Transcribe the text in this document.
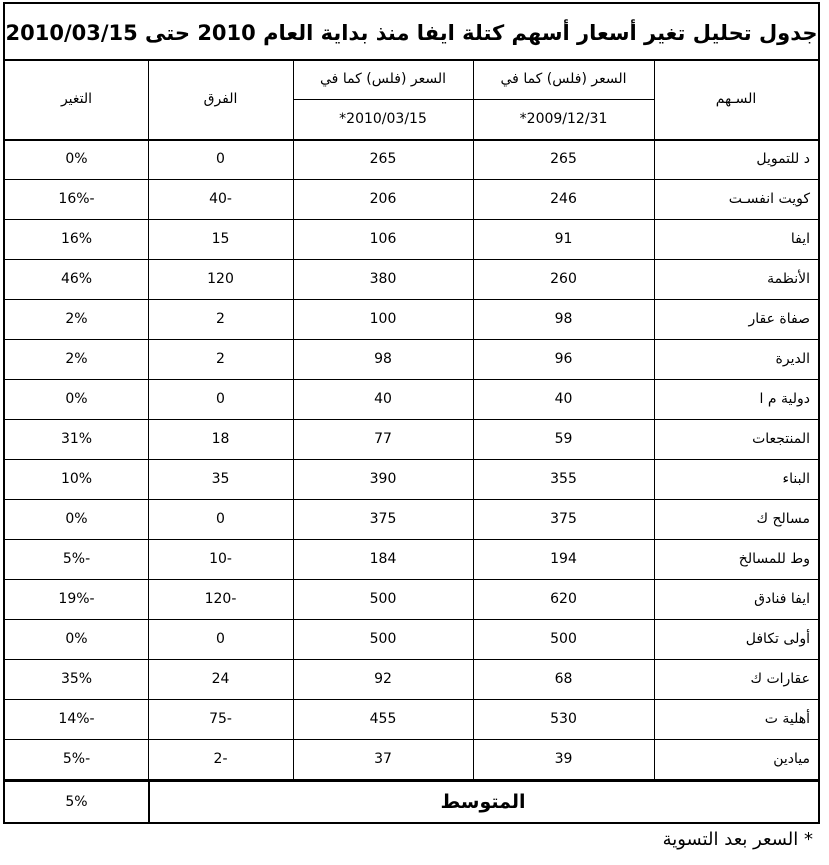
جدول تحليل تغير أسعار أسهم كتلة ايفا منذ بداية العام 2010 حتى 2010/03/15
السـهم
السعر (فلس) كما في
2009/12/31*
السعر (فلس) كما في
2010/03/15*
الفرق
التغير
د للتمويل
265
265
0
0%
كويت انفسـت
246
206
-40
-16%
ايفا
91
106
15
16%
الأنظمة
260
380
120
46%
صفاة عقار
98
100
2
2%
الديرة
96
98
2
2%
دولية م ا
40
40
0
0%
المنتجعات
59
77
18
31%
البناء
355
390
35
10%
مسالح ك
375
375
0
0%
وط للمسالخ
194
184
-10
-5%
ايفا فنادق
620
500
-120
-19%
أولى تكافل
500
500
0
0%
عقارات ك
68
92
24
35%
أهلية ت
530
455
-75
-14%
ميادين
39
37
-2
-5%
المتوسط
5%
* السعر بعد التسوية
